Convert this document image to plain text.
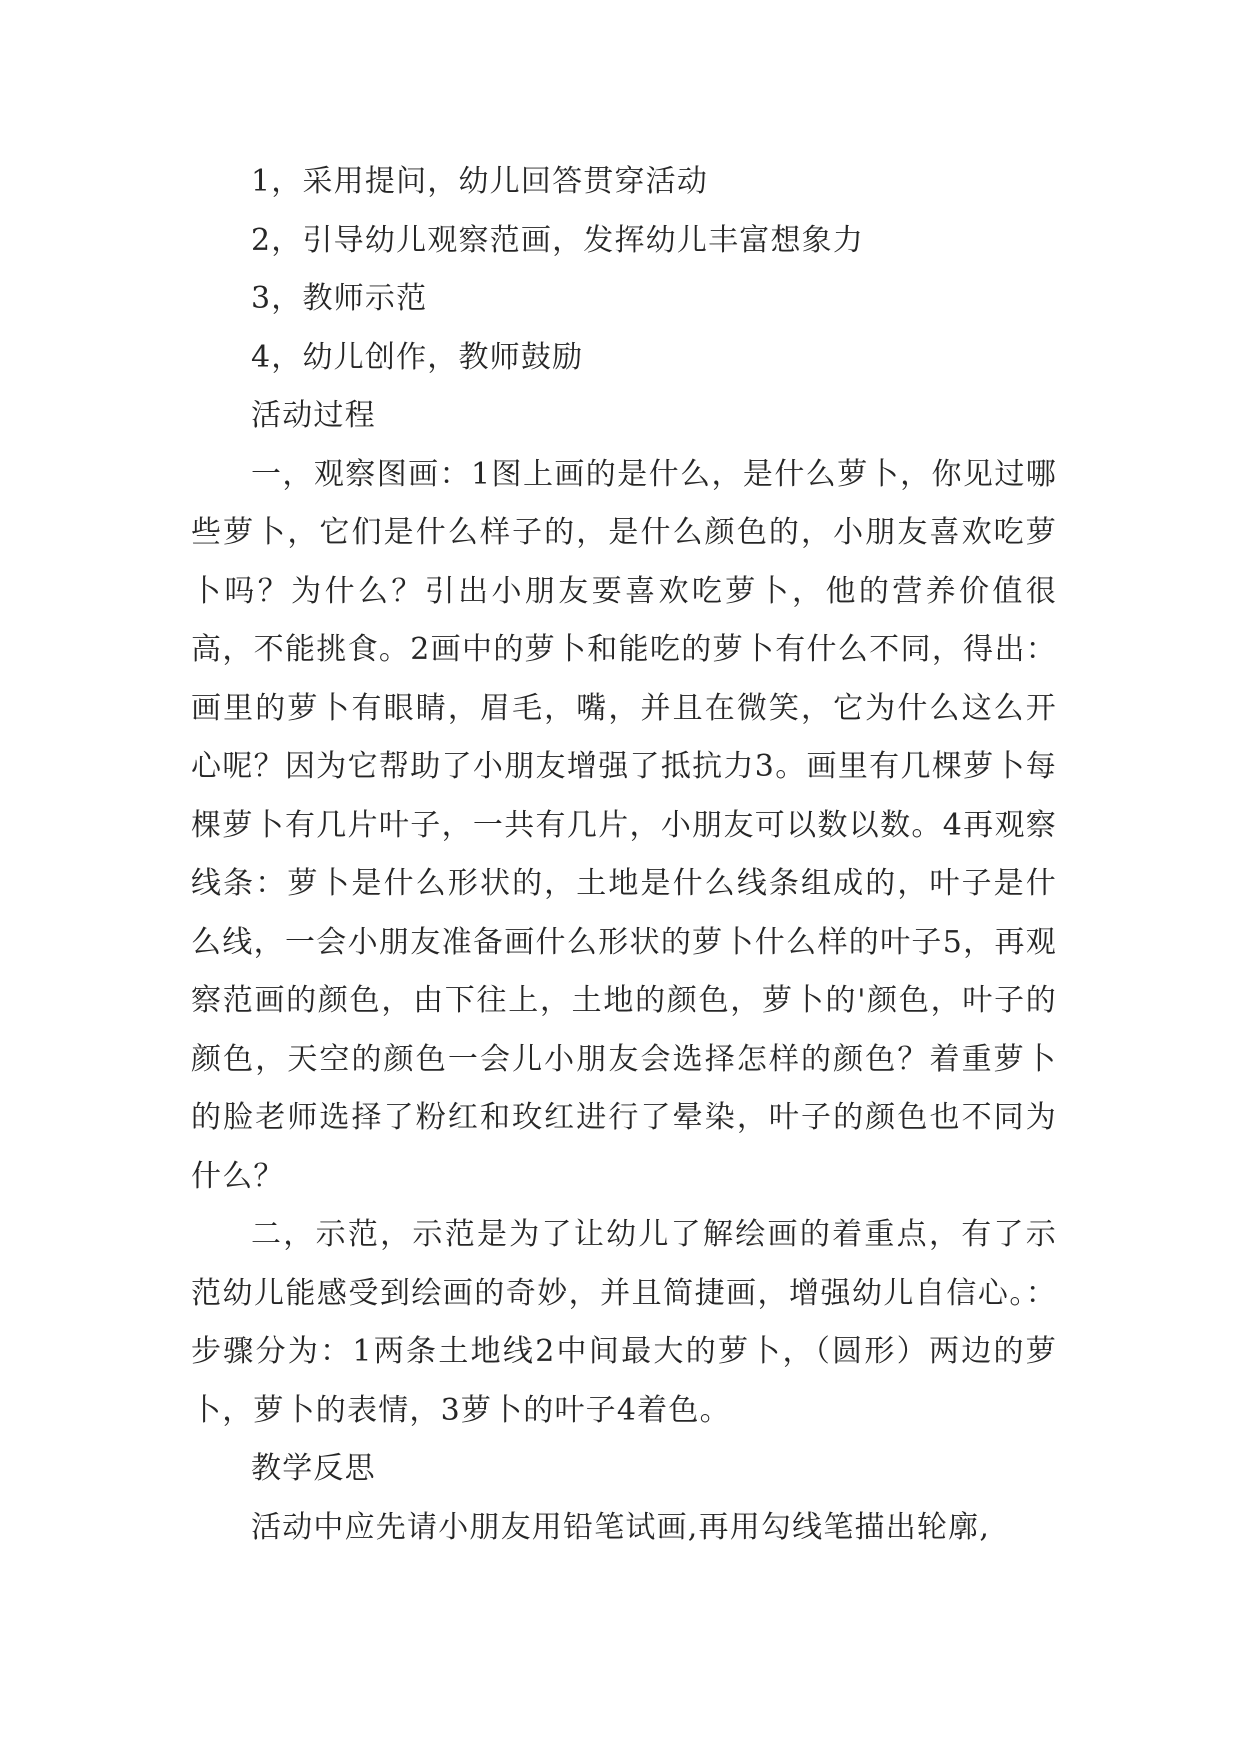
1，采用提问，幼儿回答贯穿活动

2，引导幼儿观察范画，发挥幼儿丰富想象力

3，教师示范

4，幼儿创作，教师鼓励

活动过程

一，观察图画：1图上画的是什么，是什么萝卜，你见过哪些萝卜，它们是什么样子的，是什么颜色的，小朋友喜欢吃萝卜吗？为什么？引出小朋友要喜欢吃萝卜，他的营养价值很高，不能挑食。2画中的萝卜和能吃的萝卜有什么不同，得出：画里的萝卜有眼睛，眉毛，嘴，并且在微笑，它为什么这么开心呢？因为它帮助了小朋友增强了抵抗力3。画里有几棵萝卜每棵萝卜有几片叶子，一共有几片，小朋友可以数以数。4再观察线条：萝卜是什么形状的，土地是什么线条组成的，叶子是什么线，一会小朋友准备画什么形状的萝卜什么样的叶子5，再观察范画的颜色，由下往上，土地的颜色，萝卜的'颜色，叶子的颜色，天空的颜色一会儿小朋友会选择怎样的颜色？着重萝卜的脸老师选择了粉红和玫红进行了晕染，叶子的颜色也不同为什么？

二，示范，示范是为了让幼儿了解绘画的着重点，有了示范幼儿能感受到绘画的奇妙，并且简捷画，增强幼儿自信心。：步骤分为：1两条土地线2中间最大的萝卜，（圆形）两边的萝卜，萝卜的表情，3萝卜的叶子4着色。

教学反思

活动中应先请小朋友用铅笔试画,再用勾线笔描出轮廓,
